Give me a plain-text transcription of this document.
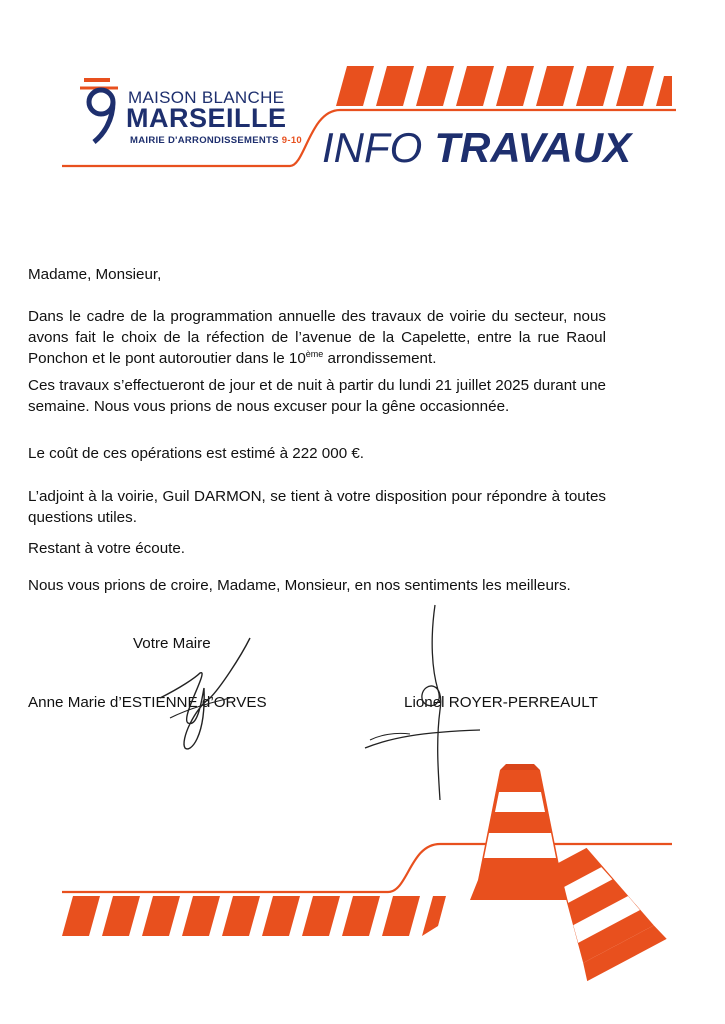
MAISON BLANCHE
MARSEILLE
MAIRIE D'ARRONDISSEMENTS 9-10 INFO TRAVAUX

Madame, Monsieur,

Dans le cadre de la programmation annuelle des travaux de voirie du secteur, nous avons fait le choix de la réfection de l’avenue de la Capelette, entre la rue Raoul Ponchon et le pont autoroutier dans le 10ème arrondissement.

Ces travaux s’effectueront de jour et de nuit à partir du lundi 21 juillet 2025 durant une semaine. Nous vous prions de nous excuser pour la gêne occasionnée.

Le coût de ces opérations est estimé à 222 000 €.

L’adjoint à la voirie, Guil DARMON, se tient à votre disposition pour répondre à toutes questions utiles.

Restant à votre écoute.

Nous vous prions de croire, Madame, Monsieur, en nos sentiments les meilleurs.

Votre Maire
Anne Marie d’ESTIENNE d’ORVES	Lionel ROYER-PERREAULT
